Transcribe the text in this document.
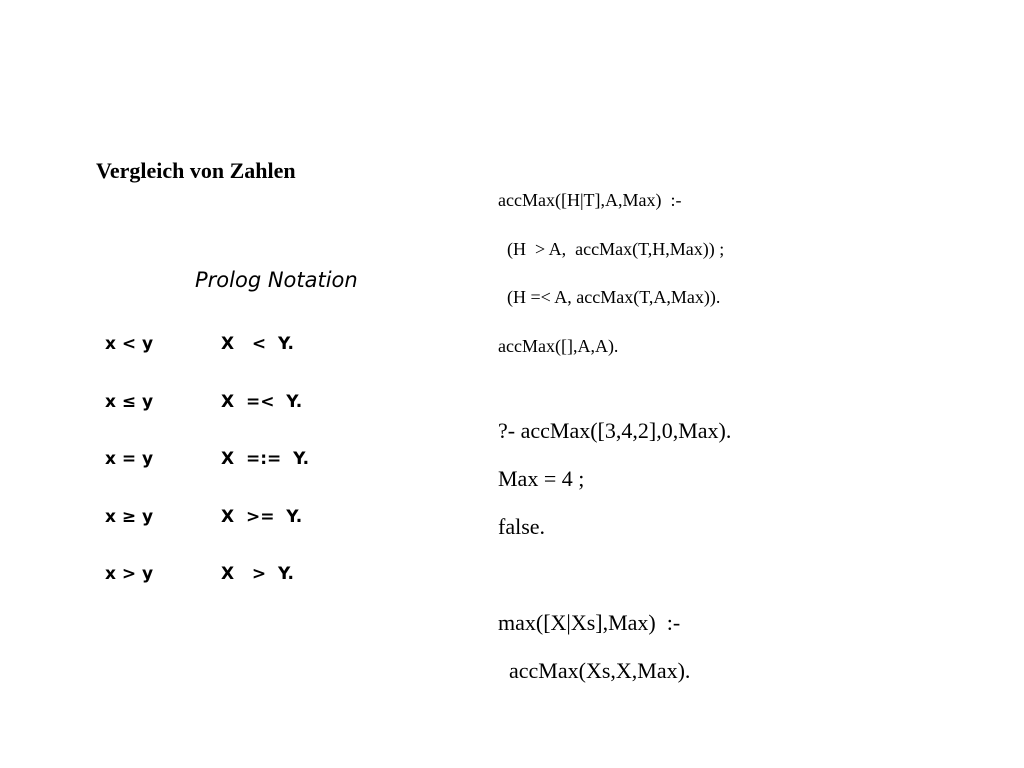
Vergleich von Zahlen
Prolog Notation
x < y	X   <  Y.
x ≤ y	X  =<  Y.
x = y	X  =:=  Y.
x ≥ y	X  >=  Y.
x > y	X   >  Y.
accMax([H|T],A,Max)  :-
(H  > A,  accMax(T,H,Max)) ;
(H =< A, accMax(T,A,Max)).
accMax([],A,A).
?- accMax([3,4,2],0,Max).
Max = 4 ;
false.
max([X|Xs],Max)  :-
accMax(Xs,X,Max).
